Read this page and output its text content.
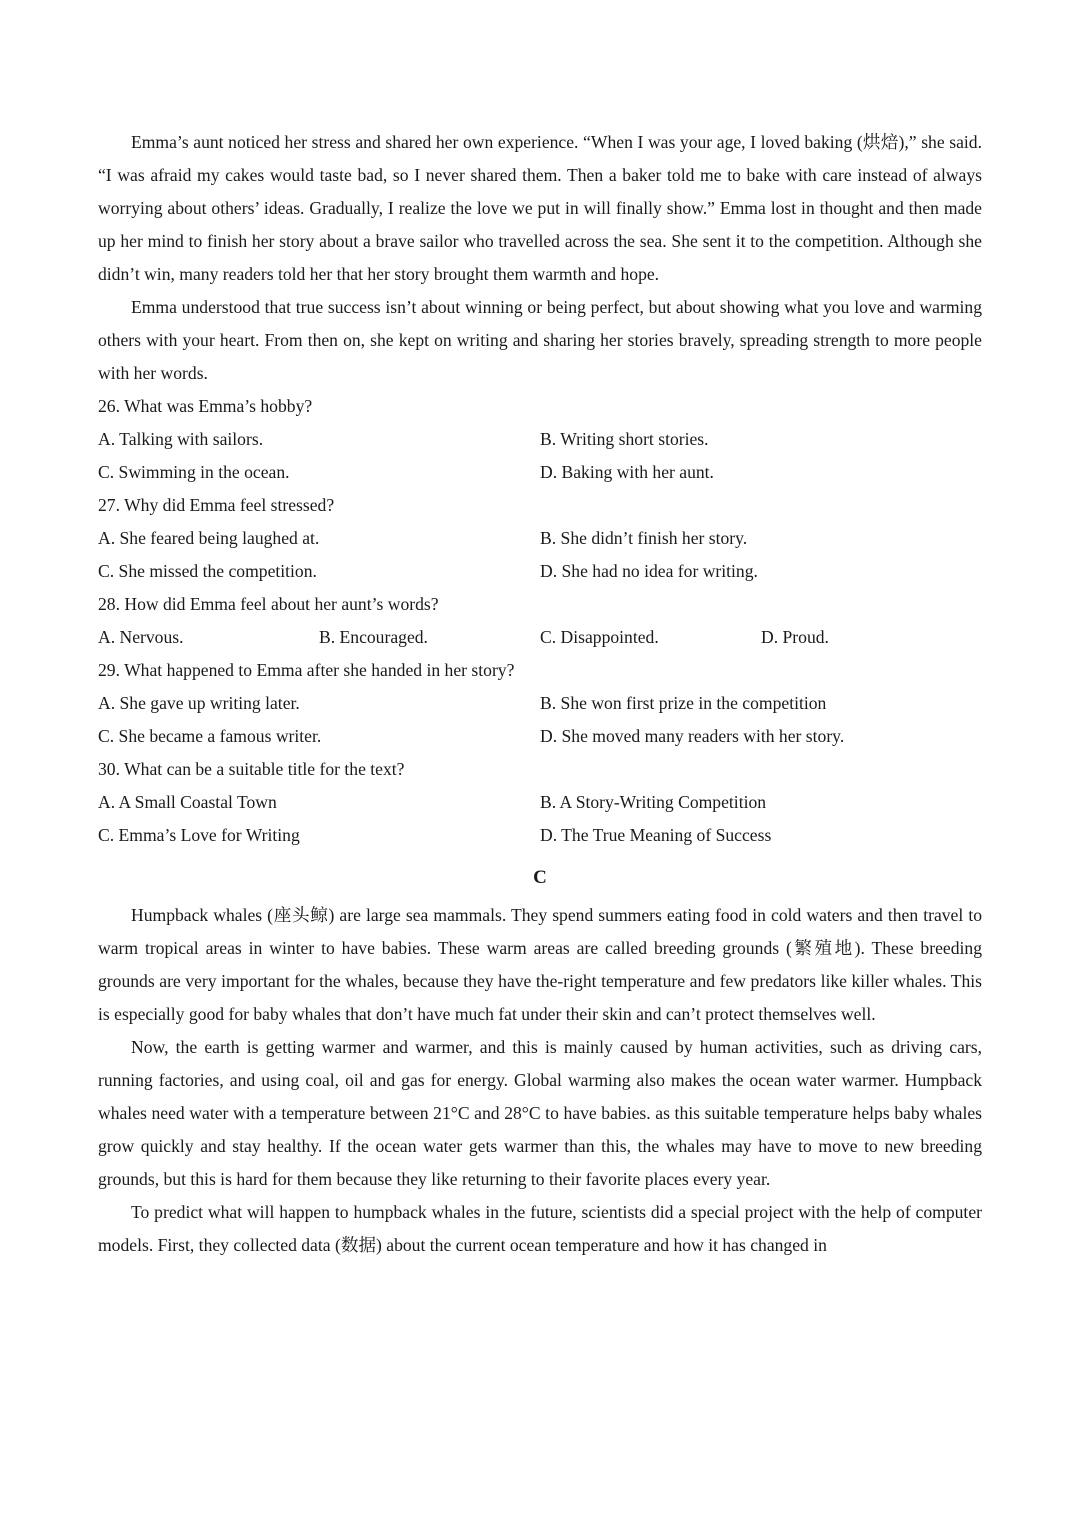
Emma’s aunt noticed her stress and shared her own experience. “When I was your age, I loved baking (烘焙),” she said. “I was afraid my cakes would taste bad, so I never shared them. Then a baker told me to bake with care instead of always worrying about others’ ideas. Gradually, I realize the love we put in will finally show.” Emma lost in thought and then made up her mind to finish her story about a brave sailor who travelled across the sea. She sent it to the competition. Although she didn’t win, many readers told her that her story brought them warmth and hope.

Emma understood that true success isn’t about winning or being perfect, but about showing what you love and warming others with your heart. From then on, she kept on writing and sharing her stories bravely, spreading strength to more people with her words.

26. What was Emma’s hobby?

A. Talking with sailors.	B. Writing short stories.
C. Swimming in the ocean.	D. Baking with her aunt.

27. Why did Emma feel stressed?

A. She feared being laughed at.	B. She didn’t finish her story.
C. She missed the competition.	D. She had no idea for writing.

28. How did Emma feel about her aunt’s words?

A. Nervous.	B. Encouraged.	C. Disappointed.	D. Proud.

29. What happened to Emma after she handed in her story?

A. She gave up writing later.	B. She won first prize in the competition
C. She became a famous writer.	D. She moved many readers with her story.

30. What can be a suitable title for the text?

A. A Small Coastal Town	B. A Story-Writing Competition
C. Emma’s Love for Writing	D. The True Meaning of Success
C

Humpback whales (座头鲸) are large sea mammals. They spend summers eating food in cold waters and then travel to warm tropical areas in winter to have babies. These warm areas are called breeding grounds (繁殖地). These breeding grounds are very important for the whales, because they have the-right temperature and few predators like killer whales. This is especially good for baby whales that don’t have much fat under their skin and can’t protect themselves well.

Now, the earth is getting warmer and warmer, and this is mainly caused by human activities, such as driving cars, running factories, and using coal, oil and gas for energy. Global warming also makes the ocean water warmer. Humpback whales need water with a temperature between 21°C and 28°C to have babies. as this suitable temperature helps baby whales grow quickly and stay healthy. If the ocean water gets warmer than this, the whales may have to move to new breeding grounds, but this is hard for them because they like returning to their favorite places every year.

To predict what will happen to humpback whales in the future, scientists did a special project with the help of computer models. First, they collected data (数据) about the current ocean temperature and how it has changed in
